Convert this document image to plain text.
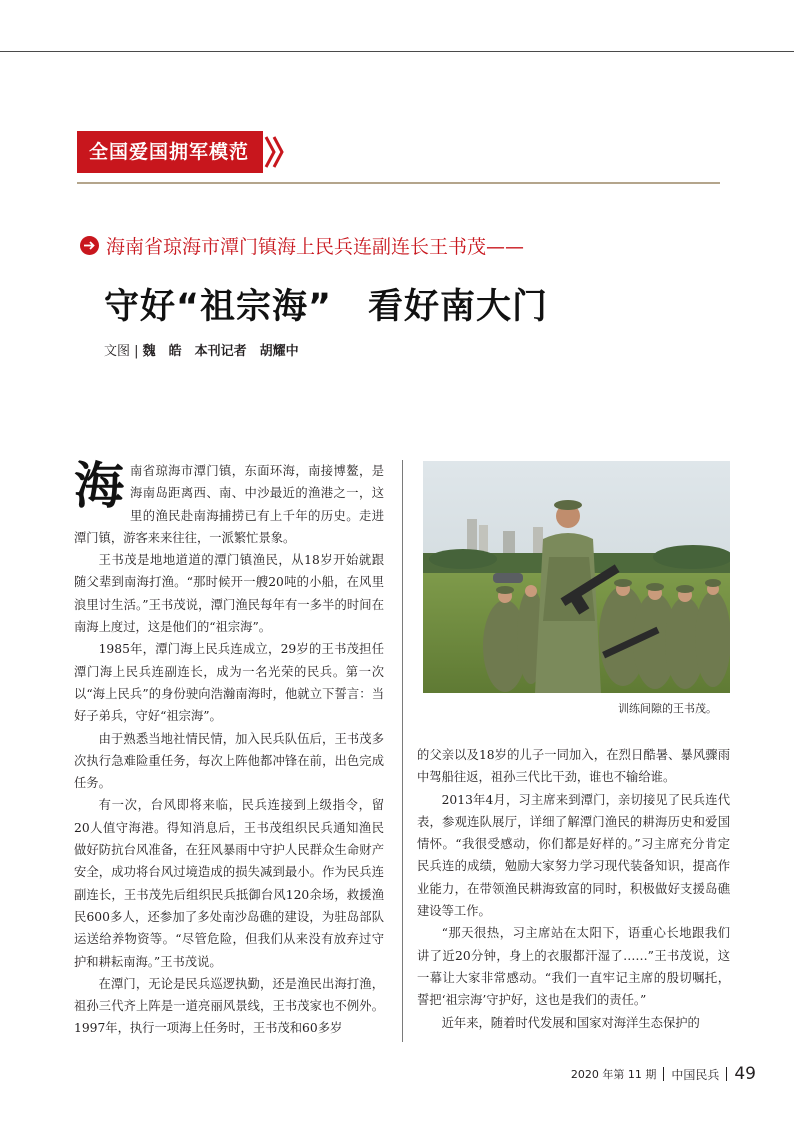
全国爱国拥军模范
海南省琼海市潭门镇海上民兵连副连长王书茂——
守好“祖宗海”　看好南大门
文图 | 魏　皓　本刊记者　胡耀中

海南省琼海市潭门镇，东面环海，南接博鳌，是海南岛距离西、南、中沙最近的渔港之一，这里的渔民赴南海捕捞已有上千年的历史。走进潭门镇，游客来来往往，一派繁忙景象。

王书茂是地地道道的潭门镇渔民，从18岁开始就跟随父辈到南海打渔。“那时候开一艘20吨的小船，在风里浪里讨生活。”王书茂说，潭门渔民每年有一多半的时间在南海上度过，这是他们的“祖宗海”。

1985年，潭门海上民兵连成立，29岁的王书茂担任潭门海上民兵连副连长，成为一名光荣的民兵。第一次以“海上民兵”的身份驶向浩瀚南海时，他就立下誓言：当好子弟兵，守好“祖宗海”。

由于熟悉当地社情民情，加入民兵队伍后，王书茂多次执行急难险重任务，每次上阵他都冲锋在前，出色完成任务。

有一次，台风即将来临，民兵连接到上级指令，留20人值守海港。得知消息后，王书茂组织民兵通知渔民做好防抗台风准备，在狂风暴雨中守护人民群众生命财产安全，成功将台风过境造成的损失减到最小。作为民兵连副连长，王书茂先后组织民兵抵御台风120余场，救援渔民600多人，还参加了多处南沙岛礁的建设，为驻岛部队运送给养物资等。“尽管危险，但我们从来没有放弃过守护和耕耘南海。”王书茂说。

在潭门，无论是民兵巡逻执勤，还是渔民出海打渔，祖孙三代齐上阵是一道亮丽风景线，王书茂家也不例外。1997年，执行一项海上任务时，王书茂和60多岁

训练间隙的王书茂。

的父亲以及18岁的儿子一同加入，在烈日酷暑、暴风骤雨中驾船往返，祖孙三代比干劲，谁也不输给谁。

2013年4月，习主席来到潭门，亲切接见了民兵连代表，参观连队展厅，详细了解潭门渔民的耕海历史和爱国情怀。“我很受感动，你们都是好样的。”习主席充分肯定民兵连的成绩，勉励大家努力学习现代装备知识，提高作业能力，在带领渔民耕海致富的同时，积极做好支援岛礁建设等工作。

“那天很热，习主席站在太阳下，语重心长地跟我们讲了近20分钟，身上的衣服都汗湿了……”王书茂说，这一幕让大家非常感动。“我们一直牢记主席的殷切嘱托，誓把‘祖宗海’守护好，这也是我们的责任。”

近年来，随着时代发展和国家对海洋生态保护的

2020 年第 11 期 中国民兵 49
